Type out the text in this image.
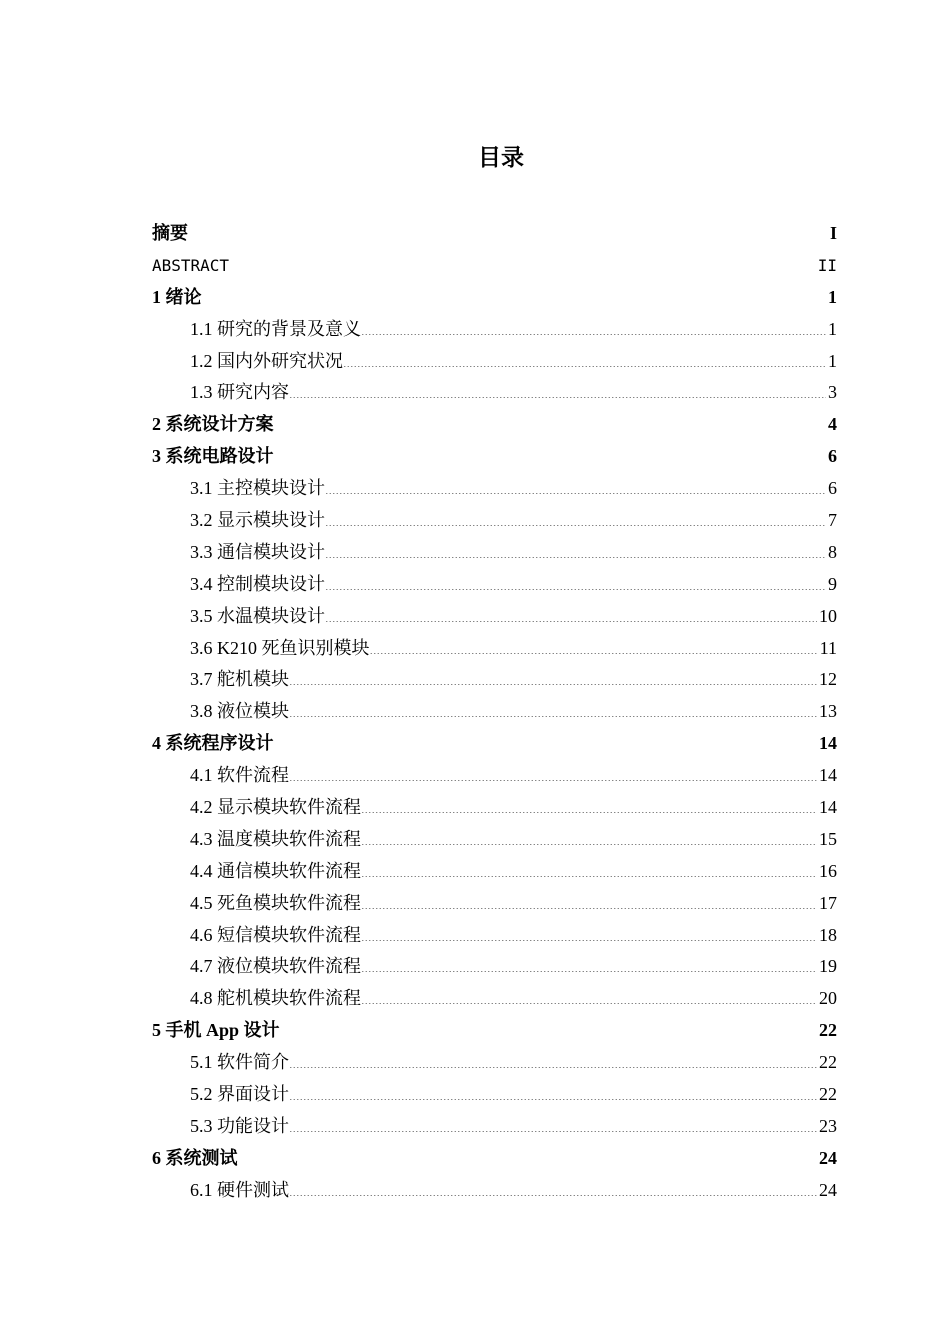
目录
摘要 . . .	I
ABSTRACT . . .	II
1 绪论 . . .	1
1.1 研究的背景及意义 .....	1
1.2 国内外研究状况 .....	1
1.3 研究内容 .....	3
2 系统设计方案 . . .	4
3 系统电路设计 . . .	6
3.1 主控模块设计 .....	6
3.2 显示模块设计 .....	7
3.3 通信模块设计 .....	8
3.4 控制模块设计 .....	9
3.5 水温模块设计 .....	10
3.6 K210 死鱼识别模块 .....	11
3.7 舵机模块 .....	12
3.8 液位模块 .....	13
4 系统程序设计 . . .	14
4.1 软件流程 .....	14
4.2 显示模块软件流程 .....	14
4.3 温度模块软件流程 .....	15
4.4 通信模块软件流程 .....	16
4.5 死鱼模块软件流程 .....	17
4.6 短信模块软件流程 .....	18
4.7 液位模块软件流程 .....	19
4.8 舵机模块软件流程 .....	20
5 手机 App 设计 . . .	22
5.1 软件简介 .....	22
5.2 界面设计 .....	22
5.3 功能设计 .....	23
6 系统测试 . . .	24
6.1 硬件测试 .....	24
